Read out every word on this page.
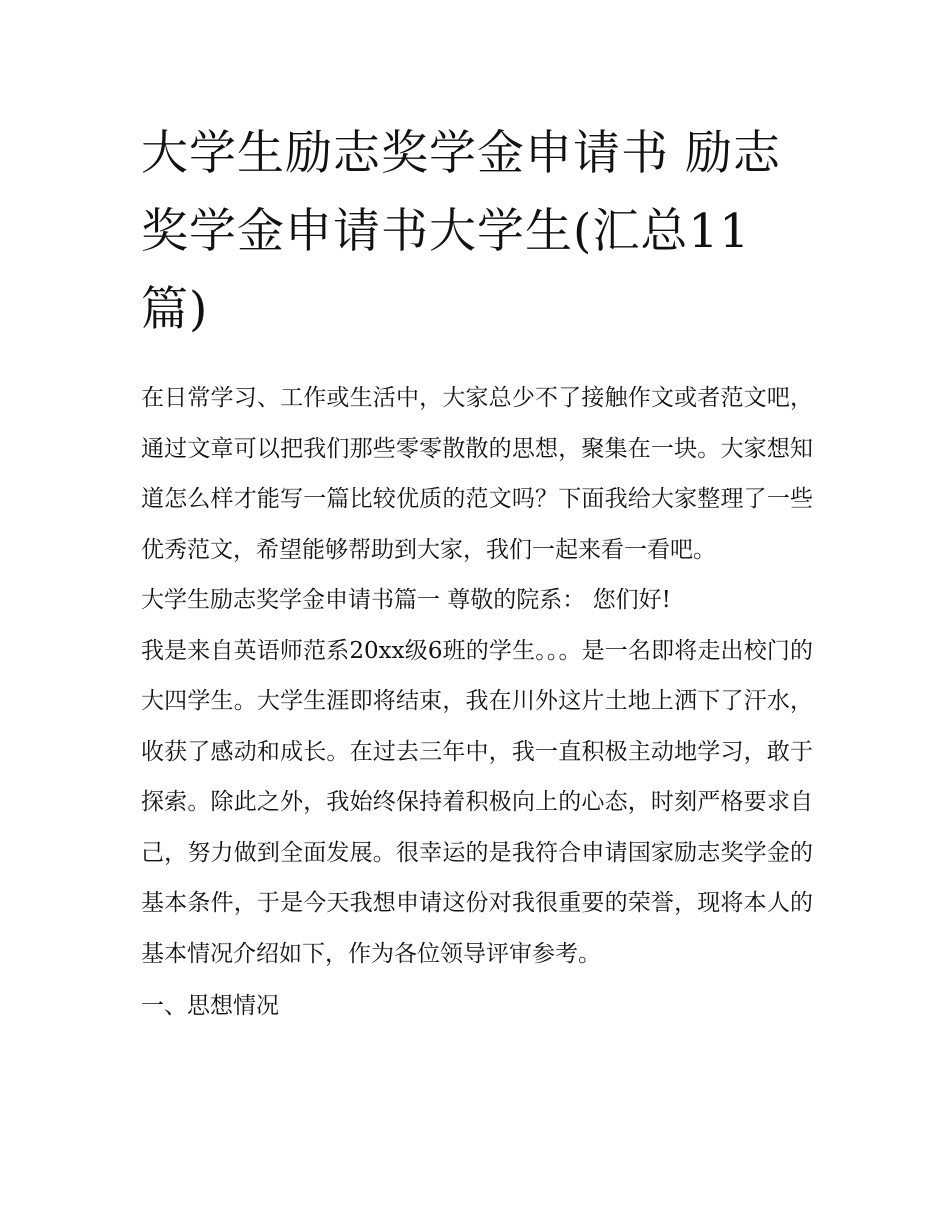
大学生励志奖学金申请书 励志奖学金申请书大学生(汇总11篇)

在日常学习、工作或生活中，大家总少不了接触作文或者范文吧，通过文章可以把我们那些零零散散的思想，聚集在一块。大家想知道怎么样才能写一篇比较优质的范文吗？下面我给大家整理了一些优秀范文，希望能够帮助到大家，我们一起来看一看吧。

大学生励志奖学金申请书篇一 尊敬的院系： 您们好!

我是来自英语师范系20xx级6班的学生。。。是一名即将走出校门的大四学生。大学生涯即将结束，我在川外这片土地上洒下了汗水，收获了感动和成长。在过去三年中，我一直积极主动地学习，敢于探索。除此之外，我始终保持着积极向上的心态，时刻严格要求自己，努力做到全面发展。很幸运的是我符合申请国家励志奖学金的基本条件，于是今天我想申请这份对我很重要的荣誉，现将本人的基本情况介绍如下，作为各位领导评审参考。

一、思想情况
